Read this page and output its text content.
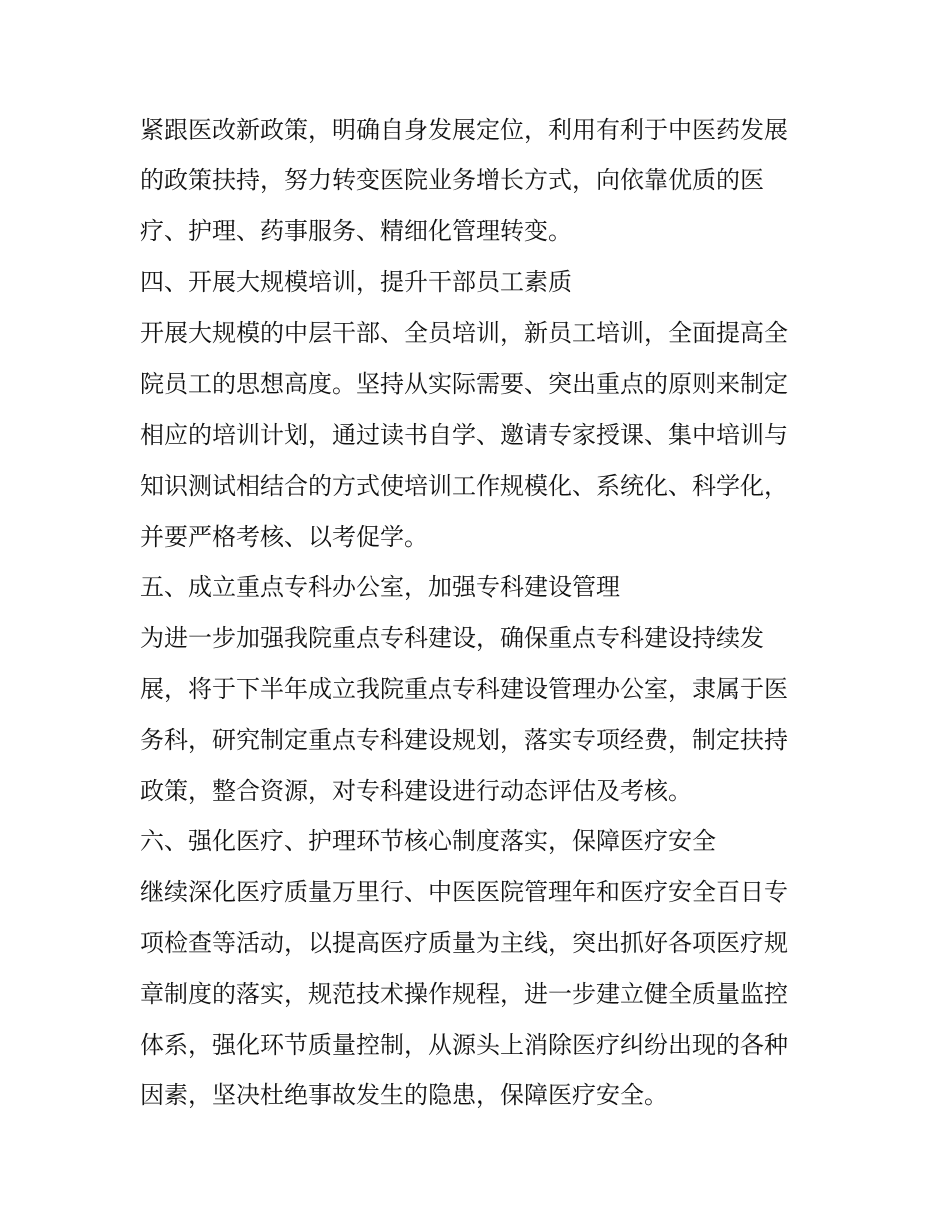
紧跟医改新政策，明确自身发展定位，利用有利于中医药发展
的政策扶持，努力转变医院业务增长方式，向依靠优质的医
疗、护理、药事服务、精细化管理转变。
四、开展大规模培训，提升干部员工素质
开展大规模的中层干部、全员培训，新员工培训，全面提高全
院员工的思想高度。坚持从实际需要、突出重点的原则来制定
相应的培训计划，通过读书自学、邀请专家授课、集中培训与
知识测试相结合的方式使培训工作规模化、系统化、科学化，
并要严格考核、以考促学。
五、成立重点专科办公室，加强专科建设管理
为进一步加强我院重点专科建设，确保重点专科建设持续发
展，将于下半年成立我院重点专科建设管理办公室，隶属于医
务科，研究制定重点专科建设规划，落实专项经费，制定扶持
政策，整合资源，对专科建设进行动态评估及考核。
六、强化医疗、护理环节核心制度落实，保障医疗安全
继续深化医疗质量万里行、中医医院管理年和医疗安全百日专
项检查等活动，以提高医疗质量为主线，突出抓好各项医疗规
章制度的落实，规范技术操作规程，进一步建立健全质量监控
体系，强化环节质量控制，从源头上消除医疗纠纷出现的各种
因素，坚决杜绝事故发生的隐患，保障医疗安全。
